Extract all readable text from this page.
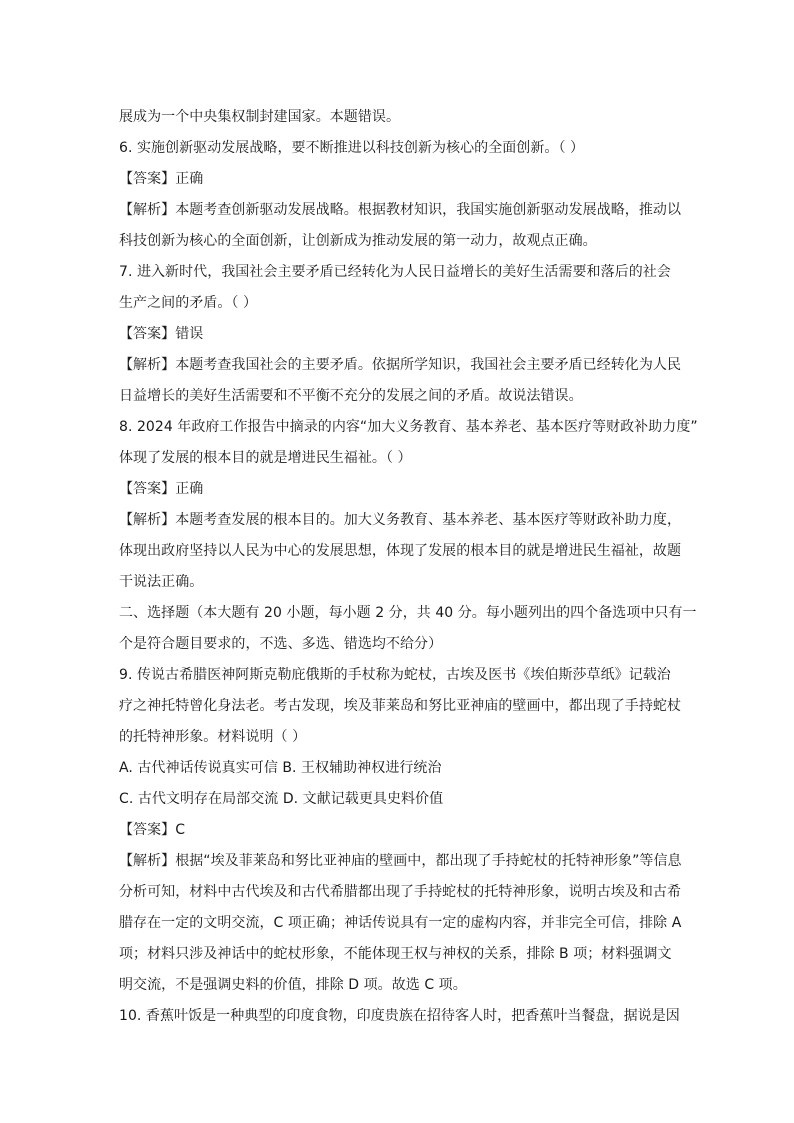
展成为一个中央集权制封建国家。本题错误。
6. 实施创新驱动发展战略，要不断推进以科技创新为核心的全面创新。（ ）
【答案】正确
【解析】本题考查创新驱动发展战略。根据教材知识，我国实施创新驱动发展战略，推动以
科技创新为核心的全面创新，让创新成为推动发展的第一动力，故观点正确。
7. 进入新时代，我国社会主要矛盾已经转化为人民日益增长的美好生活需要和落后的社会
生产之间的矛盾。（ ）
【答案】错误
【解析】本题考查我国社会的主要矛盾。依据所学知识，我国社会主要矛盾已经转化为人民
日益增长的美好生活需要和不平衡不充分的发展之间的矛盾。故说法错误。
8. 2024 年政府工作报告中摘录的内容“加大义务教育、基本养老、基本医疗等财政补助力度”
体现了发展的根本目的就是增进民生福祉。（ ）
【答案】正确
【解析】本题考查发展的根本目的。加大义务教育、基本养老、基本医疗等财政补助力度，
体现出政府坚持以人民为中心的发展思想，体现了发展的根本目的就是增进民生福祉，故题
干说法正确。
二、选择题（本大题有 20 小题，每小题 2 分，共 40 分。每小题列出的四个备选项中只有一
个是符合题目要求的，不选、多选、错选均不给分）
9. 传说古希腊医神阿斯克勒庇俄斯的手杖称为蛇杖，古埃及医书《埃伯斯莎草纸》记载治
疗之神托特曾化身法老。考古发现，埃及菲莱岛和努比亚神庙的壁画中，都出现了手持蛇杖
的托特神形象。材料说明（ ）
A. 古代神话传说真实可信 B. 王权辅助神权进行统治
C. 古代文明存在局部交流 D. 文献记载更具史料价值
【答案】C
【解析】根据“埃及菲莱岛和努比亚神庙的壁画中，都出现了手持蛇杖的托特神形象”等信息
分析可知，材料中古代埃及和古代希腊都出现了手持蛇杖的托特神形象，说明古埃及和古希
腊存在一定的文明交流，C 项正确；神话传说具有一定的虚构内容，并非完全可信，排除 A
项；材料只涉及神话中的蛇杖形象，不能体现王权与神权的关系，排除 B 项；材料强调文
明交流，不是强调史料的价值，排除 D 项。故选 C 项。
10. 香蕉叶饭是一种典型的印度食物，印度贵族在招待客人时，把香蕉叶当餐盘，据说是因
